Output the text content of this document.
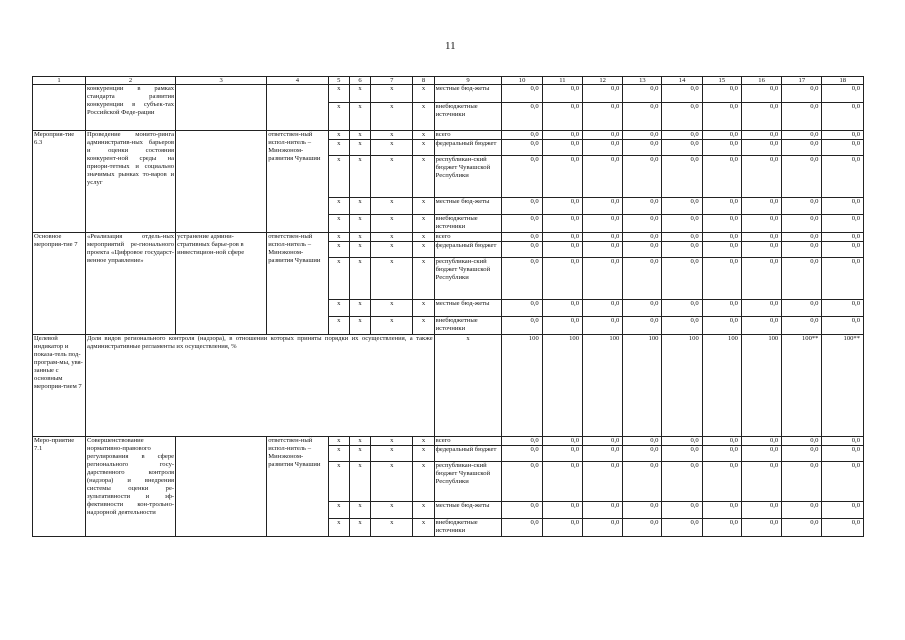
11
1	2	3	4	5	6	7	8	9	10	11	12	13	14	15	16	17	18
	конкуренции в рамках стандарта развития конкуренции в субъек-тах Российской Феде-рации			x	x	x	x	местные бюд-жеты	0,0	0,0	0,0	0,0	0,0	0,0	0,0	0,0	0,0
				x	x	x	x	внебюджетные источники	0,0	0,0	0,0	0,0	0,0	0,0	0,0	0,0	0,0
Мероприя-тие 6.3	Проведение монито-ринга административ-ных барьеров и оценки состояния конкурент-ной среды на приори-тетных и социально значимых рынках то-варов и услуг		ответствен-ный испол-нитель – Минэконом-развития Чувашии	x	x	x	x	всего	0,0	0,0	0,0	0,0	0,0	0,0	0,0	0,0	0,0
				x	x	x	x	федеральный бюджет	0,0	0,0	0,0	0,0	0,0	0,0	0,0	0,0	0,0
				x	x	x	x	республикан-ский бюджет Чувашской Республики	0,0	0,0	0,0	0,0	0,0	0,0	0,0	0,0	0,0
				x	x	x	x	местные бюд-жеты	0,0	0,0	0,0	0,0	0,0	0,0	0,0	0,0	0,0
				x	x	x	x	внебюджетные источники	0,0	0,0	0,0	0,0	0,0	0,0	0,0	0,0	0,0
Основное мероприя-тие 7	«Реализация отдель-ных мероприятий ре-гионального проекта «Цифровое государст-венное управление»	устранение админи-стративных барье-ров в инвестицион-ной сфере	ответствен-ный испол-нитель – Минэконом-развития Чувашии	x	x	x	x	всего	0,0	0,0	0,0	0,0	0,0	0,0	0,0	0,0	0,0
				x	x	x	x	федеральный бюджет	0,0	0,0	0,0	0,0	0,0	0,0	0,0	0,0	0,0
				x	x	x	x	республикан-ский бюджет Чувашской Республики	0,0	0,0	0,0	0,0	0,0	0,0	0,0	0,0	0,0
				x	x	x	x	местные бюд-жеты	0,0	0,0	0,0	0,0	0,0	0,0	0,0	0,0	0,0
				x	x	x	x	внебюджетные источники	0,0	0,0	0,0	0,0	0,0	0,0	0,0	0,0	0,0
Целевой индикатор и показа-тель под-програм-мы, увя-занные с основным мероприя-тием 7	Доля видов регионального контроля (надзора), в отношении которых приняты порядки их осуществления, а также административные регламенты их осуществления, %							x	100	100	100	100	100	100	100	100**	100**
Меро-приятие 7.1	Совершенствование нормативно-правового регулирования в сфере регионального госу-дарственного контроля (надзора) и внедрения системы оценки ре-зультативности и эф-фективности кон-трольно-надзорной деятельности		ответствен-ный испол-нитель – Минэконом-развития Чувашии	x	x	x	x	всего	0,0	0,0	0,0	0,0	0,0	0,0	0,0	0,0	0,0
				x	x	x	x	федеральный бюджет	0,0	0,0	0,0	0,0	0,0	0,0	0,0	0,0	0,0
				x	x	x	x	республикан-ский бюджет Чувашской Республики	0,0	0,0	0,0	0,0	0,0	0,0	0,0	0,0	0,0
				x	x	x	x	местные бюд-жеты	0,0	0,0	0,0	0,0	0,0	0,0	0,0	0,0	0,0
				x	x	x	x	внебюджетные источники	0,0	0,0	0,0	0,0	0,0	0,0	0,0	0,0	0,0
